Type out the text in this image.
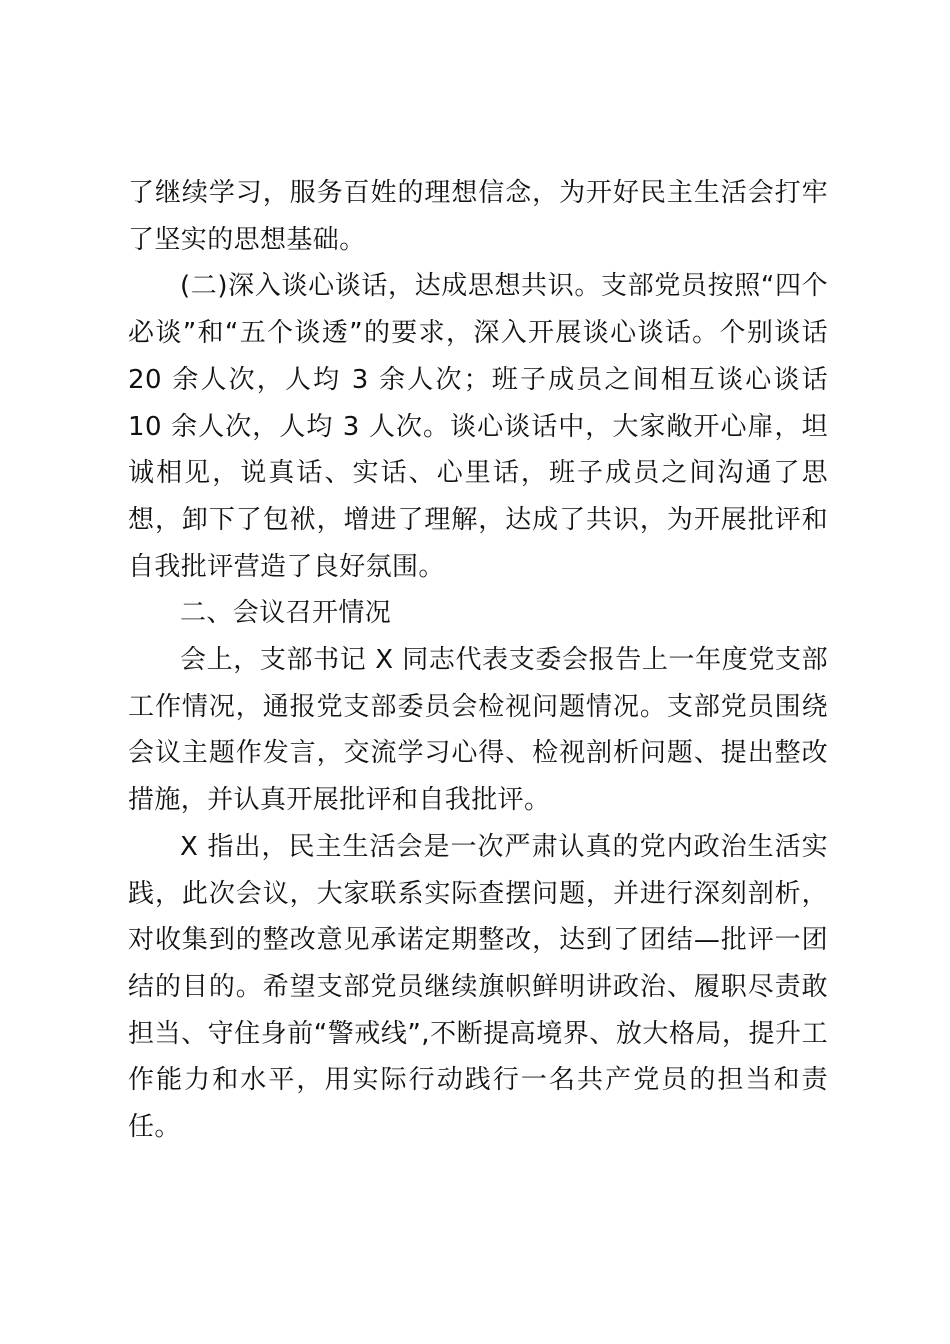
了继续学习，服务百姓的理想信念，为开好民主生活会打牢了坚实的思想基础。

(二)深入谈心谈话，达成思想共识。支部党员按照“四个必谈”和“五个谈透”的要求，深入开展谈心谈话。个别谈话 20 余人次，人均 3 余人次；班子成员之间相互谈心谈话 10 余人次，人均 3 人次。谈心谈话中，大家敞开心扉，坦诚相见，说真话、实话、心里话，班子成员之间沟通了思想，卸下了包袱，增进了理解，达成了共识，为开展批评和自我批评营造了良好氛围。

二、会议召开情况

会上，支部书记 X 同志代表支委会报告上一年度党支部工作情况，通报党支部委员会检视问题情况。支部党员围绕会议主题作发言，交流学习心得、检视剖析问题、提出整改措施，并认真开展批评和自我批评。

X 指出，民主生活会是一次严肃认真的党内政治生活实践，此次会议，大家联系实际查摆问题，并进行深刻剖析，对收集到的整改意见承诺定期整改，达到了团结—批评一团结的目的。希望支部党员继续旗帜鲜明讲政治、履职尽责敢担当、守住身前“警戒线”,不断提高境界、放大格局，提升工作能力和水平，用实际行动践行一名共产党员的担当和责任。
